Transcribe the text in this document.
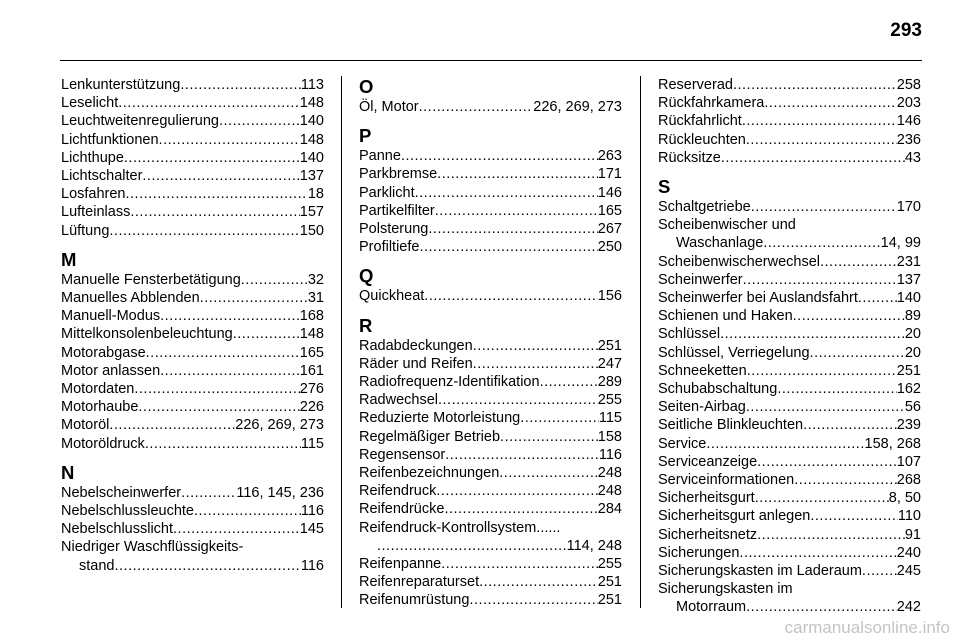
293
Lenkunterstützung .....	113
Leselicht .....	148
Leuchtweitenregulierung .....	140
Lichtfunktionen .....	148
Lichthupe .....	140
Lichtschalter .....	137
Losfahren .....	18
Lufteinlass .....	157
Lüftung .....	150
M
Manuelle Fensterbetätigung .....	32
Manuelles Abblenden .....	31
Manuell-Modus .....	168
Mittelkonsolenbeleuchtung .....	148
Motorabgase .....	165
Motor anlassen .....	161
Motordaten .....	276
Motorhaube .....	226
Motoröl .....	226, 269, 273
Motoröldruck .....	115
N
Nebelscheinwerfer .....	116, 145, 236
Nebelschlussleuchte .....	116
Nebelschlusslicht .....	145
Niedriger Waschflüssigkeits-
stand .....	116
O
Öl, Motor .....	226, 269, 273
P
Panne .....	263
Parkbremse .....	171
Parklicht .....	146
Partikelfilter .....	165
Polsterung .....	267
Profiltiefe .....	250
Q
Quickheat .....	156
R
Radabdeckungen .....	251
Räder und Reifen .....	247
Radiofrequenz-Identifikation .....	289
Radwechsel .....	255
Reduzierte Motorleistung .....	115
Regelmäßiger Betrieb .....	158
Regensensor .....	116
Reifenbezeichnungen .....	248
Reifendruck .....	248
Reifendrücke .....	284
Reifendruck-Kontrollsystem......
.....
114, 248
Reifenpanne .....	255
Reifenreparaturset .....	251
Reifenumrüstung .....	251
Reserverad .....	258
Rückfahrkamera .....	203
Rückfahrlicht .....	146
Rückleuchten .....	236
Rücksitze .....	43
S
Schaltgetriebe .....	170
Scheibenwischer und
Waschanlage .....	14, 99
Scheibenwischerwechsel .....	231
Scheinwerfer .....	137
Scheinwerfer bei Auslandsfahrt .....	140
Schienen und Haken .....	89
Schlüssel .....	20
Schlüssel, Verriegelung .....	20
Schneeketten .....	251
Schubabschaltung .....	162
Seiten-Airbag .....	56
Seitliche Blinkleuchten .....	239
Service .....	158, 268
Serviceanzeige .....	107
Serviceinformationen .....	268
Sicherheitsgurt .....	8, 50
Sicherheitsgurt anlegen .....	110
Sicherheitsnetz .....	91
Sicherungen .....	240
Sicherungskasten im Laderaum ..... 245
Sicherungskasten im
Motorraum .....	242
carmanualsonline.info
